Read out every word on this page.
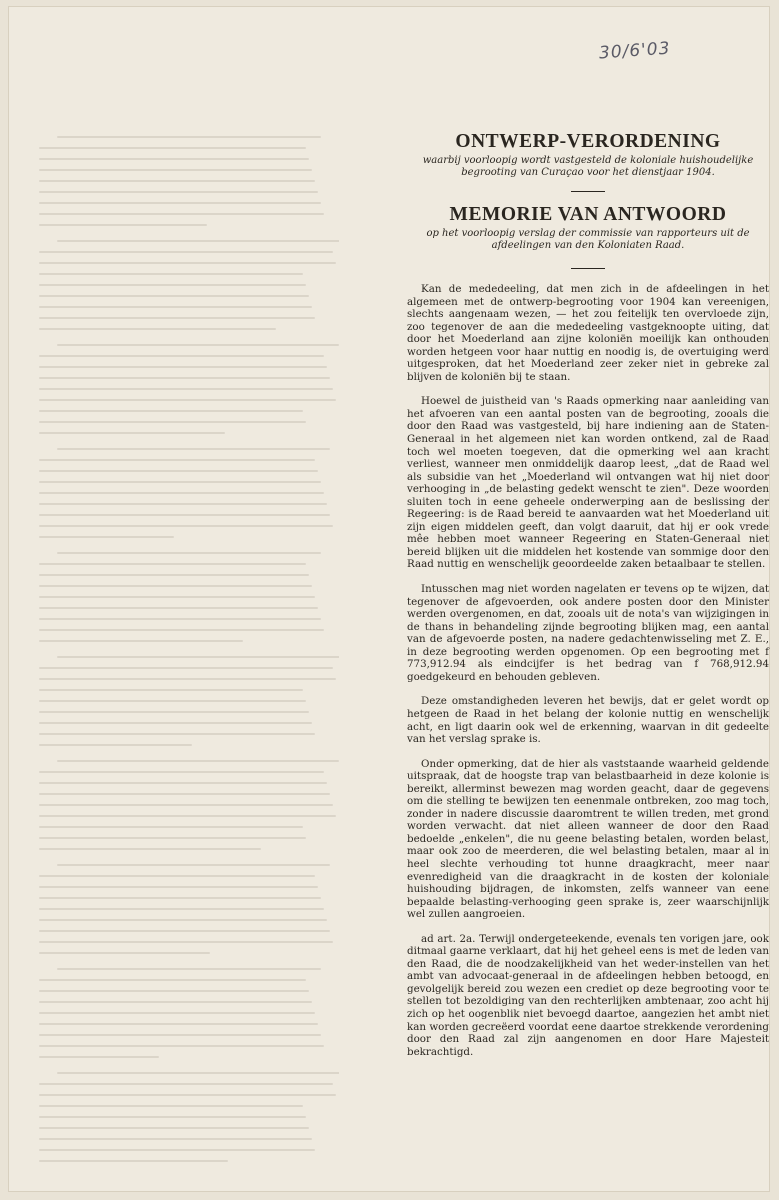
30/6'03
ONTWERP-VERORDENING

waarbij voorloopig wordt vastgesteld de koloniale huishoudelijke begrooting van Curaçao voor het dienstjaar 1904.

MEMORIE VAN ANTWOORD

op het voorloopig verslag der commissie van rapporteurs uit de afdeelingen van den Koloniaten Raad.

Kan de mededeeling, dat men zich in de afdeelingen in het algemeen met de ontwerp-begrooting voor 1904 kan vereenigen, slechts aangenaam wezen, — het zou feitelijk ten overvloede zijn, zoo tegenover de aan die mededeeling vastgeknoopte uiting, dat door het Moederland aan zijne koloniën moeilijk kan onthouden worden hetgeen voor haar nuttig en noodig is, de overtuiging werd uitgesproken, dat het Moederland zeer zeker niet in gebreke zal blijven de koloniën bij te staan.

Hoewel de juistheid van 's Raads opmerking naar aanleiding van het afvoeren van een aantal posten van de begrooting, zooals die door den Raad was vastgesteld, bij hare indiening aan de Staten-Generaal in het algemeen niet kan worden ontkend, zal de Raad toch wel moeten toegeven, dat die opmerking wel aan kracht verliest, wanneer men onmiddelijk daarop leest, „dat de Raad wel als subsidie van het „Moederland wil ontvangen wat hij niet door verhooging in „de belasting gedekt wenscht te zien". Deze woorden sluiten toch in eene geheele onderwerping aan de beslissing der Regeering: is de Raad bereid te aanvaarden wat het Moederland uit zijn eigen middelen geeft, dan volgt daaruit, dat hij er ook vrede mêe hebben moet wanneer Regeering en Staten-Generaal niet bereid blijken uit die middelen het kostende van sommige door den Raad nuttig en wenschelijk geoordeelde zaken betaalbaar te stellen.

Intusschen mag niet worden nagelaten er tevens op te wijzen, dat tegenover de afgevoerden, ook andere posten door den Minister werden overgenomen, en dat, zooals uit de nota's van wijzigingen in de thans in behandeling zijnde begrooting blijken mag, een aantal van de afgevoerde posten, na nadere gedachtenwisseling met Z. E., in deze begrooting werden opgenomen. Op een begrooting met f 773,912.94 als eindcijfer is het bedrag van f 768,912.94 goedgekeurd en behouden gebleven.

Deze omstandigheden leveren het bewijs, dat er gelet wordt op hetgeen de Raad in het belang der kolonie nuttig en wenschelijk acht, en ligt daarin ook wel de erkenning, waarvan in dit gedeelte van het verslag sprake is.

Onder opmerking, dat de hier als vaststaande waarheid geldende uitspraak, dat de hoogste trap van belastbaarheid in deze kolonie is bereikt, allerminst bewezen mag worden geacht, daar de gegevens om die stelling te bewijzen ten eenenmale ontbreken, zoo mag toch, zonder in nadere discussie daaromtrent te willen treden, met grond worden verwacht. dat niet alleen wanneer de door den Raad bedoelde „enkelen", die nu geene belasting betalen, worden belast, maar ook zoo de meerderen, die wel belasting betalen, maar al in heel slechte verhouding tot hunne draagkracht, meer naar evenredigheid van die draagkracht in de kosten der koloniale huishouding bijdragen, de inkomsten, zelfs wanneer van eene bepaalde belasting-verhooging geen sprake is, zeer waarschijnlijk wel zullen aangroeien.

ad art. 2a. Terwijl ondergeteekende, evenals ten vorigen jare, ook ditmaal gaarne verklaart, dat hij het geheel eens is met de leden van den Raad, die de noodzakelijkheid van het weder-instellen van het ambt van advocaat-generaal in de afdeelingen hebben betoogd, en gevolgelijk bereid zou wezen een crediet op deze begrooting voor te stellen tot bezoldiging van den rechterlijken ambtenaar, zoo acht hij zich op het oogenblik niet bevoegd daartoe, aangezien het ambt niet kan worden gecreëerd voordat eene daartoe strekkende verordening door den Raad zal zijn aangenomen en door Hare Majesteit bekrachtigd.
